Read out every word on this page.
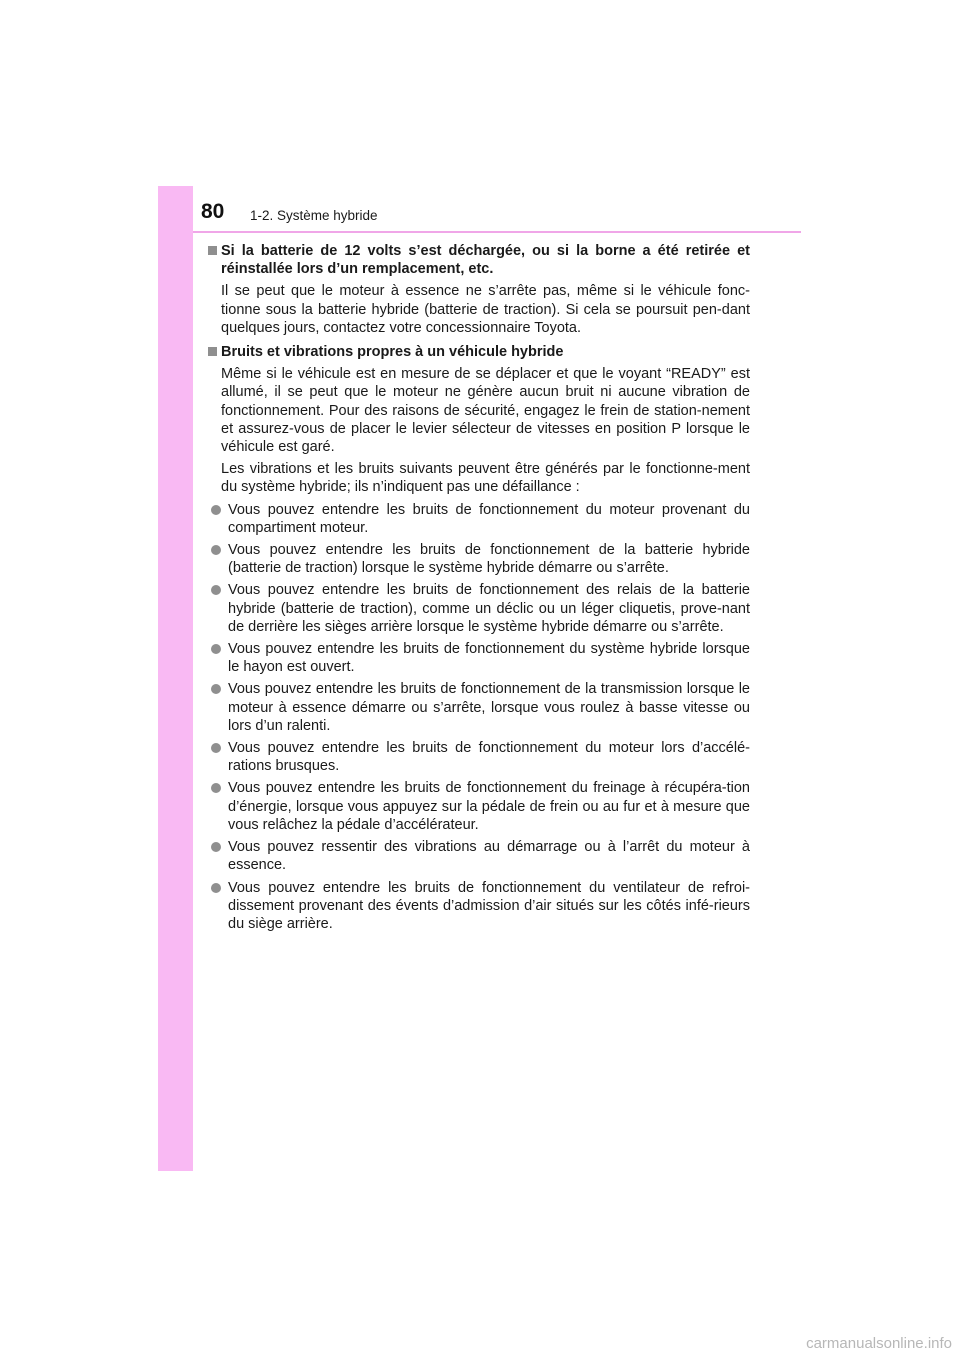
80 1-2. Système hybride

Si la batterie de 12 volts s’est déchargée, ou si la borne a été retirée et réinstallée lors d’un remplacement, etc.

Il se peut que le moteur à essence ne s’arrête pas, même si le véhicule fonc-tionne sous la batterie hybride (batterie de traction). Si cela se poursuit pen-dant quelques jours, contactez votre concessionnaire Toyota.

Bruits et vibrations propres à un véhicule hybride

Même si le véhicule est en mesure de se déplacer et que le voyant “READY” est allumé, il se peut que le moteur ne génère aucun bruit ni aucune vibration de fonctionnement. Pour des raisons de sécurité, engagez le frein de station-nement et assurez-vous de placer le levier sélecteur de vitesses en position P lorsque le véhicule est garé.

Les vibrations et les bruits suivants peuvent être générés par le fonctionne-ment du système hybride; ils n’indiquent pas une défaillance :

Vous pouvez entendre les bruits de fonctionnement du moteur provenant du compartiment moteur.
Vous pouvez entendre les bruits de fonctionnement de la batterie hybride (batterie de traction) lorsque le système hybride démarre ou s’arrête.
Vous pouvez entendre les bruits de fonctionnement des relais de la batterie hybride (batterie de traction), comme un déclic ou un léger cliquetis, prove-nant de derrière les sièges arrière lorsque le système hybride démarre ou s’arrête.
Vous pouvez entendre les bruits de fonctionnement du système hybride lorsque le hayon est ouvert.
Vous pouvez entendre les bruits de fonctionnement de la transmission lorsque le moteur à essence démarre ou s’arrête, lorsque vous roulez à basse vitesse ou lors d’un ralenti.
Vous pouvez entendre les bruits de fonctionnement du moteur lors d’accélé-rations brusques.
Vous pouvez entendre les bruits de fonctionnement du freinage à récupéra-tion d’énergie, lorsque vous appuyez sur la pédale de frein ou au fur et à mesure que vous relâchez la pédale d’accélérateur.
Vous pouvez ressentir des vibrations au démarrage ou à l’arrêt du moteur à essence.
Vous pouvez entendre les bruits de fonctionnement du ventilateur de refroi-dissement provenant des évents d’admission d’air situés sur les côtés infé-rieurs du siège arrière.
carmanualsonline.info
